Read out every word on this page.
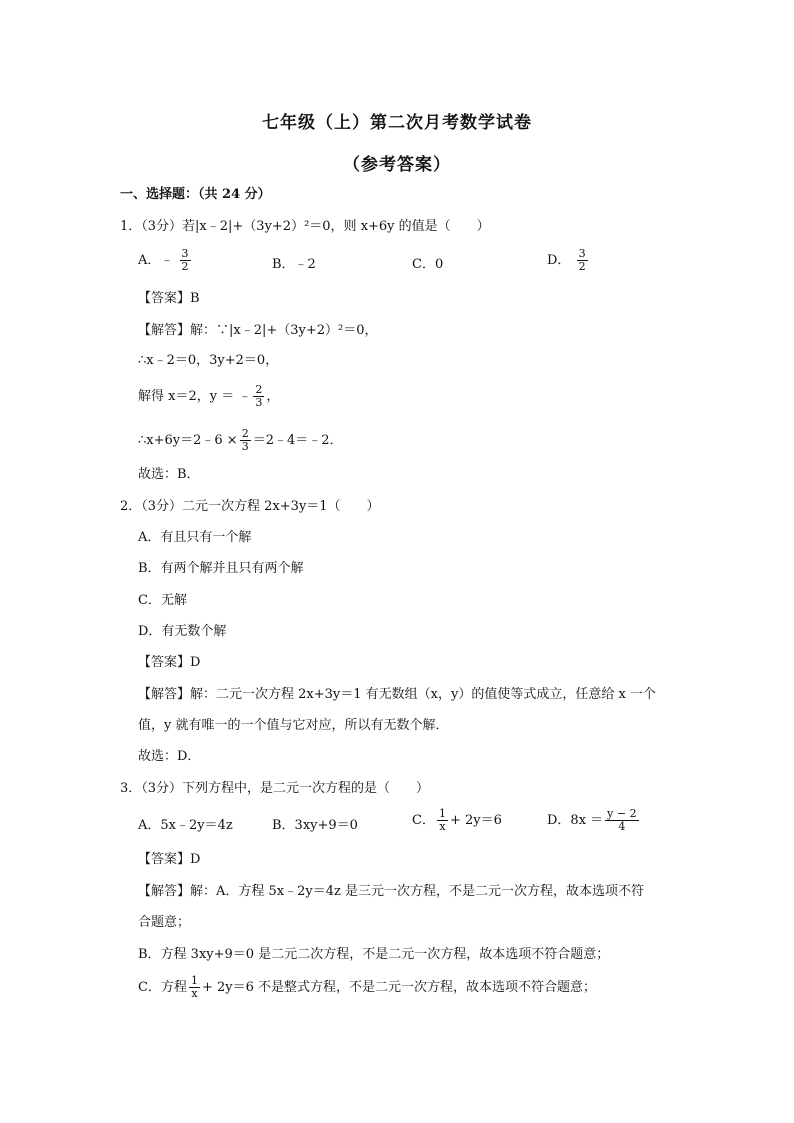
七年级（上）第二次月考数学试卷
（参考答案）
一、选择题：（共 24 分）
1．（3分）若|x﹣2|+（3y+2）²＝0，则 x+6y 的值是（　　）
A．﹣ $\frac{3}{2}$	B．﹣2	C．0	D． $\frac{3}{2}$
【答案】B
【解答】解：∵|x﹣2|+（3y+2）²＝0，
∴x﹣2＝0，3y+2＝0，
解得 x＝2，y ＝ ﹣ $\frac{2}{3}$ ，
∴x+6y＝2﹣6 × $\frac{2}{3}$ ＝2﹣4＝﹣2．
故选：B．
2．（3分）二元一次方程 2x+3y＝1（　　）
A．有且只有一个解
B．有两个解并且只有两个解
C．无解
D．有无数个解
【答案】D
【解答】解：二元一次方程 2x+3y＝1 有无数组（x，y）的值使等式成立，任意给 x 一个
值，y 就有唯一的一个值与它对应，所以有无数个解．
故选：D．
3．（3分）下列方程中，是二元一次方程的是（　　）
A．5x﹣2y＝4z	B．3xy+9＝0	C． $\frac{1}{x} + 2y=6$	D．$8x = \frac{y - 2}{4}$
【答案】D
【解答】解：A．方程 5x﹣2y＝4z 是三元一次方程，不是二元一次方程，故本选项不符
合题意；
B．方程 3xy+9＝0 是二元二次方程，不是二元一次方程，故本选项不符合题意；
C．方程 $\frac{1}{x} + 2y=6$ 不是整式方程，不是二元一次方程，故本选项不符合题意；
